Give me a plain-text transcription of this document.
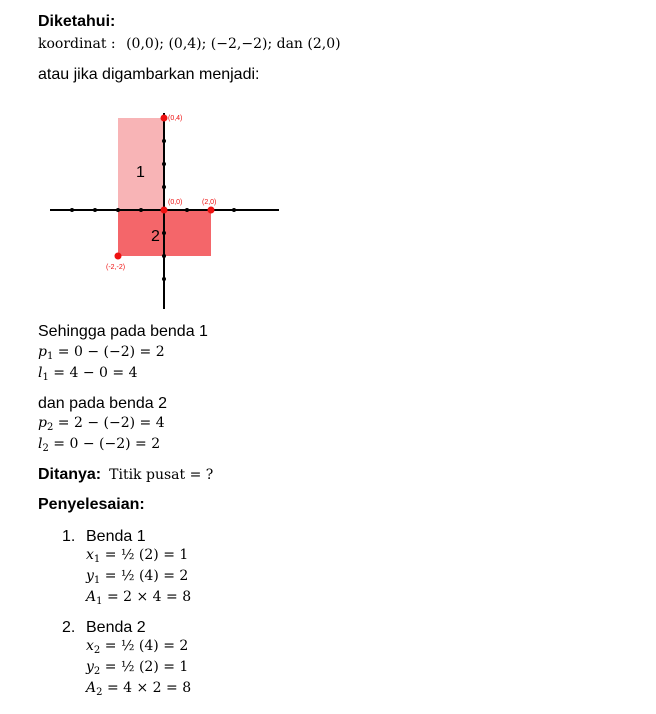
Diketahui:
koordinat : (0,0); (0,4); (−2,−2); dan (2,0)
atau jika digambarkan menjadi:
(0,4)
(0,0)	(2,0)
(-2,-2)
1
2
Sehingga pada benda 1
$p_1 = 0 - (-2) = 2$
$l_1 = 4 - 0 = 4$
dan pada benda 2
$p_2 = 2 - (-2) = 4$
$l_2 = 0 - (-2) = 2$
Ditanya: Titik pusat = ?
Penyelesaian:
1. Benda 1
$x_1$ = ½ (2) = 1
$y_1$ = ½ (4) = 2
$A_1 = 2 \times 4 = 8$
2. Benda 2
$x_2$ = ½ (4) = 2
$y_2$ = ½ (2) = 1
$A_2 = 4 \times 2 = 8$
